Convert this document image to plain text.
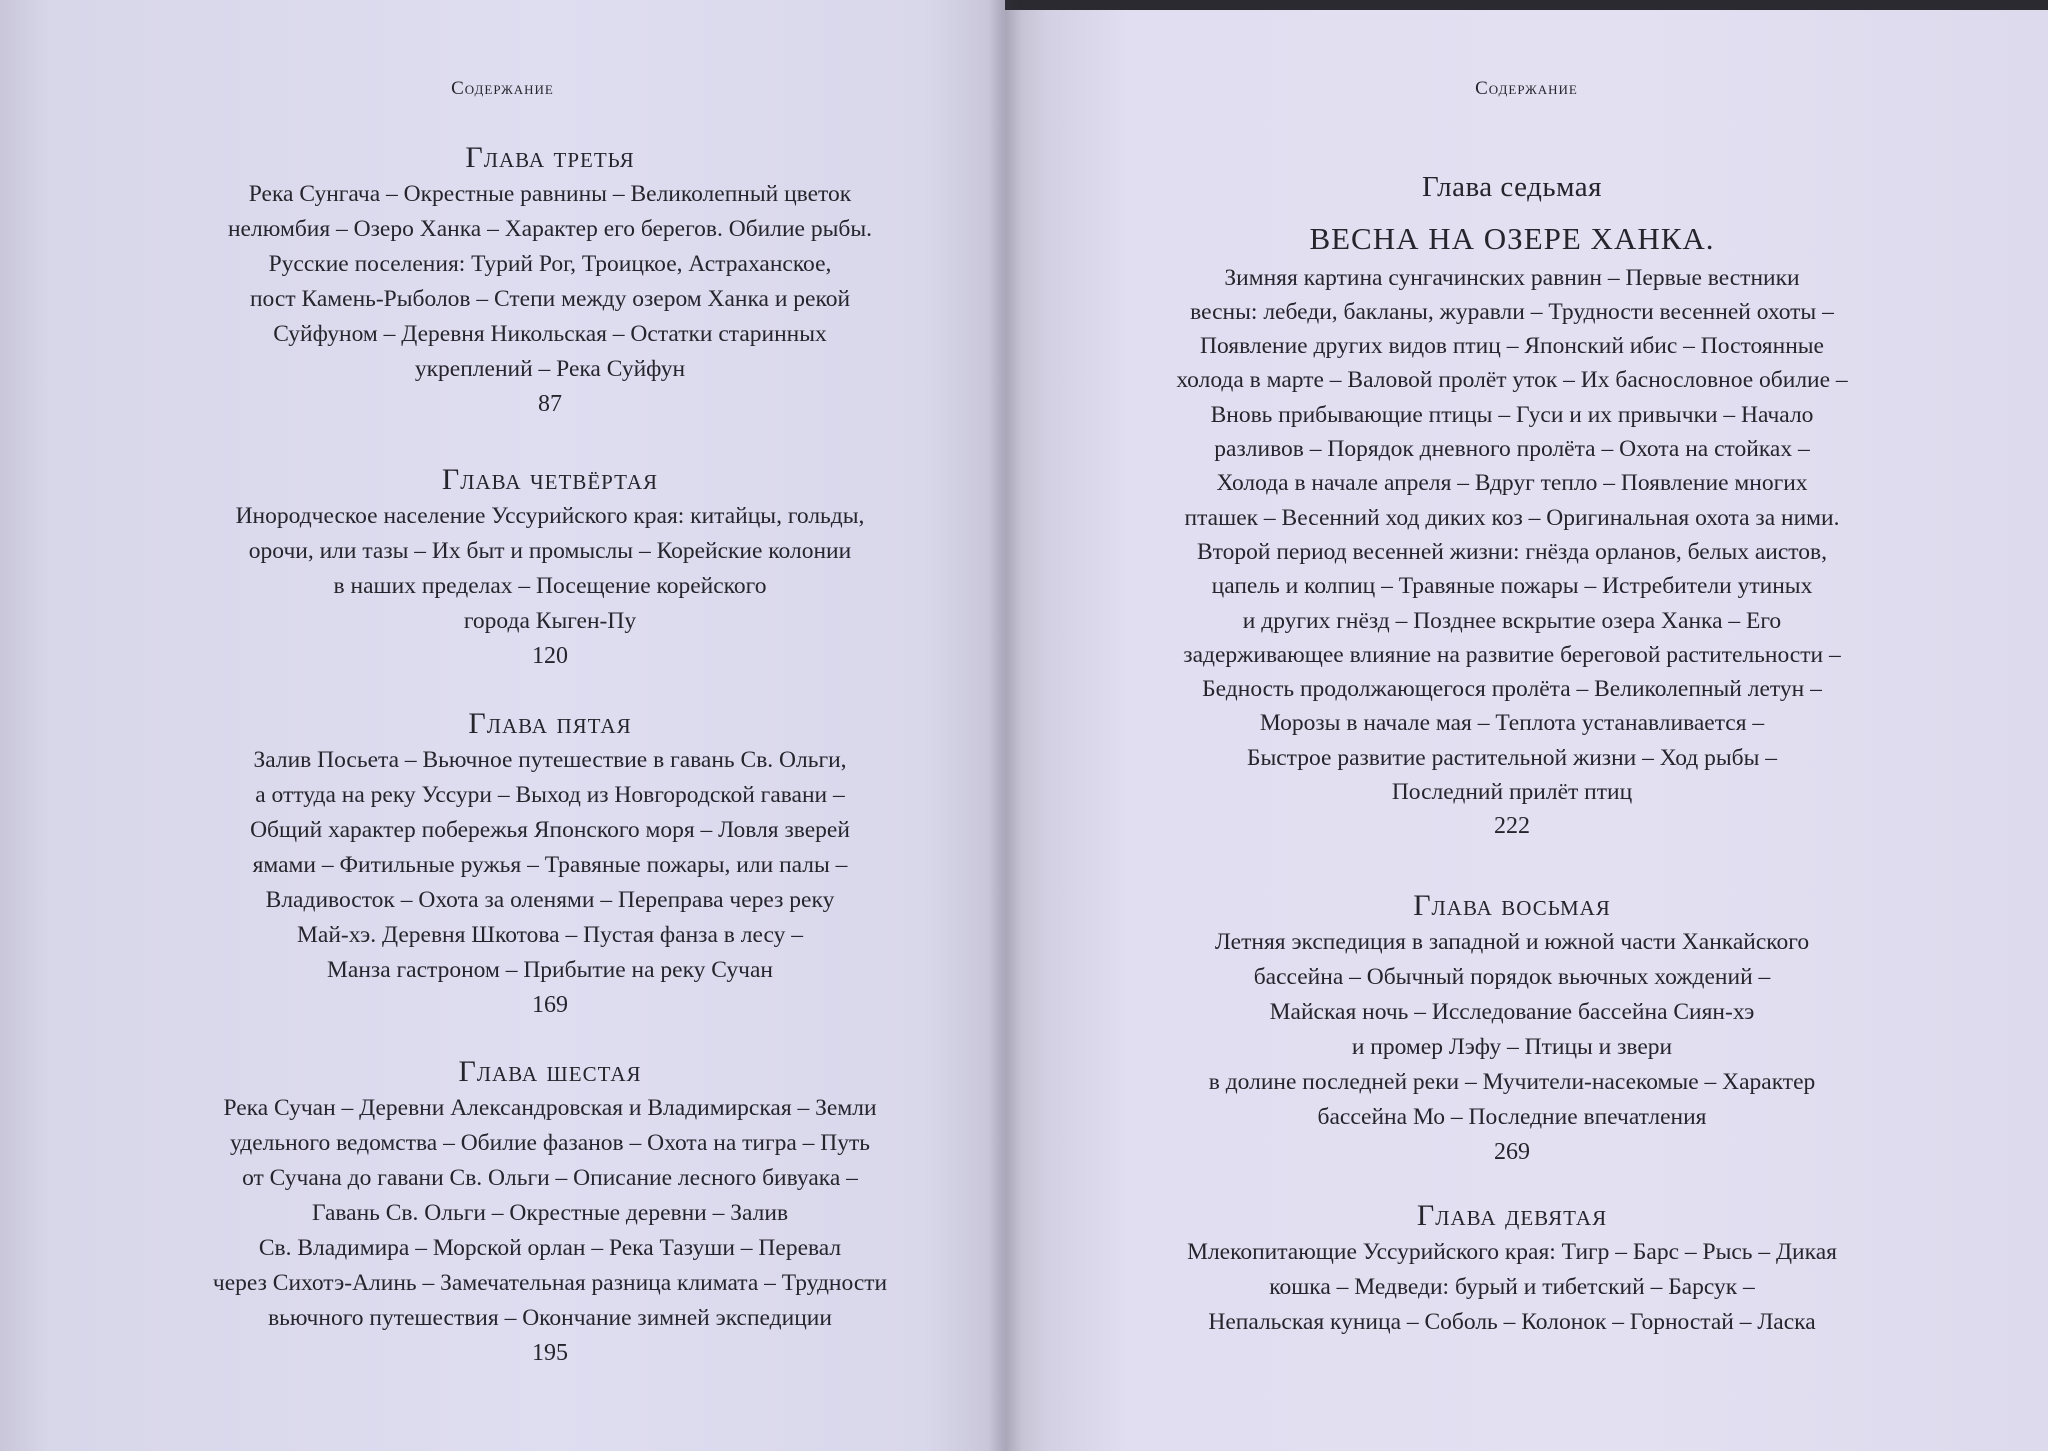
Содержание	Содержание
Глава третья
Река Сунгача – Окрестные равнины – Великолепный цветок
нелюмбия – Озеро Ханка – Характер его берегов. Обилие рыбы.
Русские поселения: Турий Рог, Троицкое, Астраханское,
пост Камень-Рыболов – Степи между озером Ханка и рекой
Суйфуном – Деревня Никольская – Остатки старинных
укреплений – Река Суйфун
87
Глава четвёртая
Инородческое население Уссурийского края: китайцы, гольды,
орочи, или тазы – Их быт и промыслы – Корейские колонии
в наших пределах – Посещение корейского
города Кыген-Пу
120
Глава пятая
Залив Посьета – Вьючное путешествие в гавань Св. Ольги,
а оттуда на реку Уссури – Выход из Новгородской гавани –
Общий характер побережья Японского моря – Ловля зверей
ямами – Фитильные ружья – Травяные пожары, или палы –
Владивосток – Охота за оленями – Переправа через реку
Май-хэ. Деревня Шкотова – Пустая фанза в лесу –
Манза гастроном – Прибытие на реку Сучан
169
Глава шестая
Река Сучан – Деревни Александровская и Владимирская – Земли
удельного ведомства – Обилие фазанов – Охота на тигра – Путь
от Сучана до гавани Св. Ольги – Описание лесного бивуака –
Гавань Св. Ольги – Окрестные деревни – Залив
Св. Владимира – Морской орлан – Река Тазуши – Перевал
через Сихотэ-Алинь – Замечательная разница климата – Трудности
вьючного путешествия – Окончание зимней экспедиции
195
Глава седьмая
ВЕСНА НА ОЗЕРЕ ХАНКА.
Зимняя картина сунгачинских равнин – Первые вестники
весны: лебеди, бакланы, журавли – Трудности весенней охоты –
Появление других видов птиц – Японский ибис – Постоянные
холода в марте – Валовой пролёт уток – Их баснословное обилие –
Вновь прибывающие птицы – Гуси и их привычки – Начало
разливов – Порядок дневного пролёта – Охота на стойках –
Холода в начале апреля – Вдруг тепло – Появление многих
пташек – Весенний ход диких коз – Оригинальная охота за ними.
Второй период весенней жизни: гнёзда орланов, белых аистов,
цапель и колпиц – Травяные пожары – Истребители утиных
и других гнёзд – Позднее вскрытие озера Ханка – Его
задерживающее влияние на развитие береговой растительности –
Бедность продолжающегося пролёта – Великолепный летун –
Морозы в начале мая – Теплота устанавливается –
Быстрое развитие растительной жизни – Ход рыбы –
Последний прилёт птиц
222
Глава восьмая
Летняя экспедиция в западной и южной части Ханкайского
бассейна – Обычный порядок вьючных хождений –
Майская ночь – Исследование бассейна Сиян-хэ
и промер Лэфу – Птицы и звери
в долине последней реки – Мучители-насекомые – Характер
бассейна Мо – Последние впечатления
269
Глава девятая
Млекопитающие Уссурийского края: Тигр – Барс – Рысь – Дикая
кошка – Медведи: бурый и тибетский – Барсук –
Непальская куница – Соболь – Колонок – Горностай – Ласка
